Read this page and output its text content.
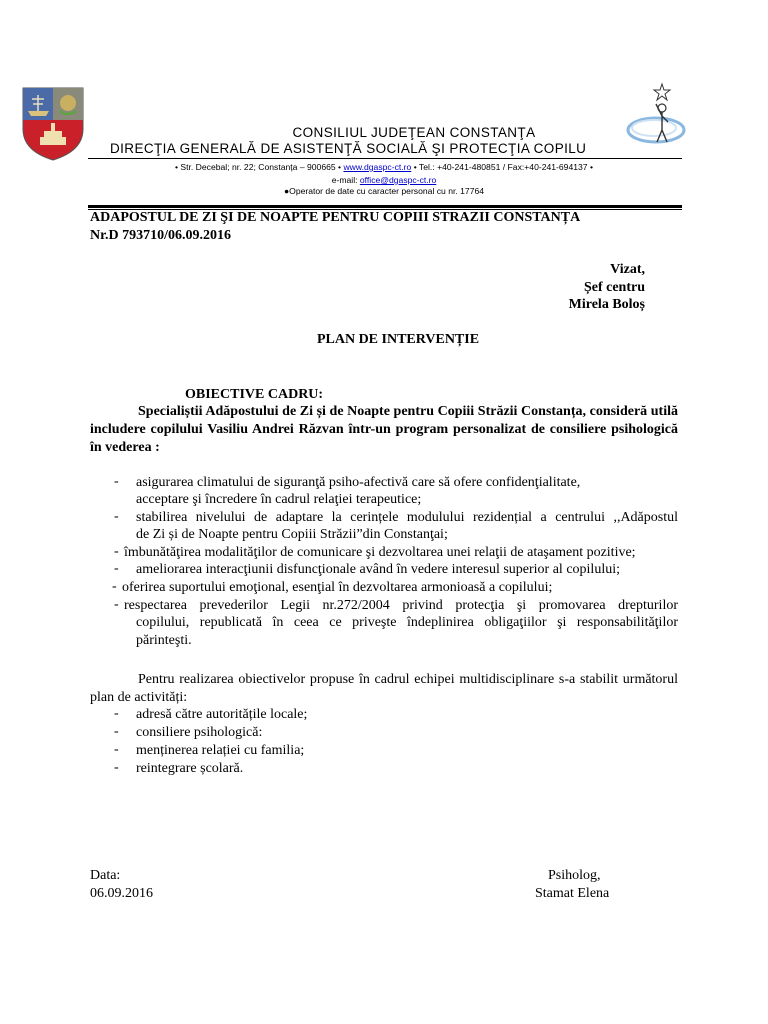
CONSILIUL JUDEŢEAN CONSTANŢA
DIRECŢIA GENERALĂ DE ASISTENŢĂ SOCIALĂ ŞI PROTECŢIA COPILU
• Str. Decebal; nr. 22; Constanța – 900665 • www.dgaspc-ct.ro • Tel.: +40-241-480851 / Fax:+40-241-694137 •
e-mail: office@dgaspc-ct.ro
●Operator de date cu caracter personal cu nr. 17764
ADAPOSTUL DE ZI ŞI DE NOAPTE PENTRU COPIII STRAZII CONSTANȚA
Nr.D 793710/06.09.2016
Vizat,
Șef centru
Mirela Boloș
PLAN DE INTERVENȚIE
OBIECTIVE CADRU:
Specialiștii Adăpostului de Zi și de Noapte pentru Copiii Străzii Constanța, consideră utilă includere copilului Vasiliu Andrei Răzvan într-un program personalizat de consiliere psihologică în vederea :
- asigurarea climatului de siguranţă psiho-afectivă care să ofere confidenţialitate,
acceptare şi încredere în cadrul relaţiei terapeutice;
- stabilirea nivelului de adaptare la cerințele modulului rezidențial a centrului ,,Adăpostul
de Zi și de Noapte pentru Copiii Străzii”din Constanţai;
- îmbunătăţirea modalităţilor de comunicare şi dezvoltarea unei relaţii de ataşament pozitive;
- ameliorarea interacţiunii disfuncţionale având în vedere interesul superior al copilului;
- oferirea suportului emoţional, esenţial în dezvoltarea armonioasă a copilului;
- respectarea prevederilor Legii nr.272/2004 privind protecţia şi promovarea drepturilor
copilului, republicată în ceea ce priveşte îndeplinirea obligaţiilor şi responsabilităţilor
părinteşti.
Pentru realizarea obiectivelor propuse în cadrul echipei multidisciplinare s-a stabilit următorul plan de activități:
- adresă către autoritățile locale;
- consiliere psihologică:
- menținerea relației cu familia;
- reintegrare școlară.
Data:
06.09.2016
Psiholog,
Stamat Elena
